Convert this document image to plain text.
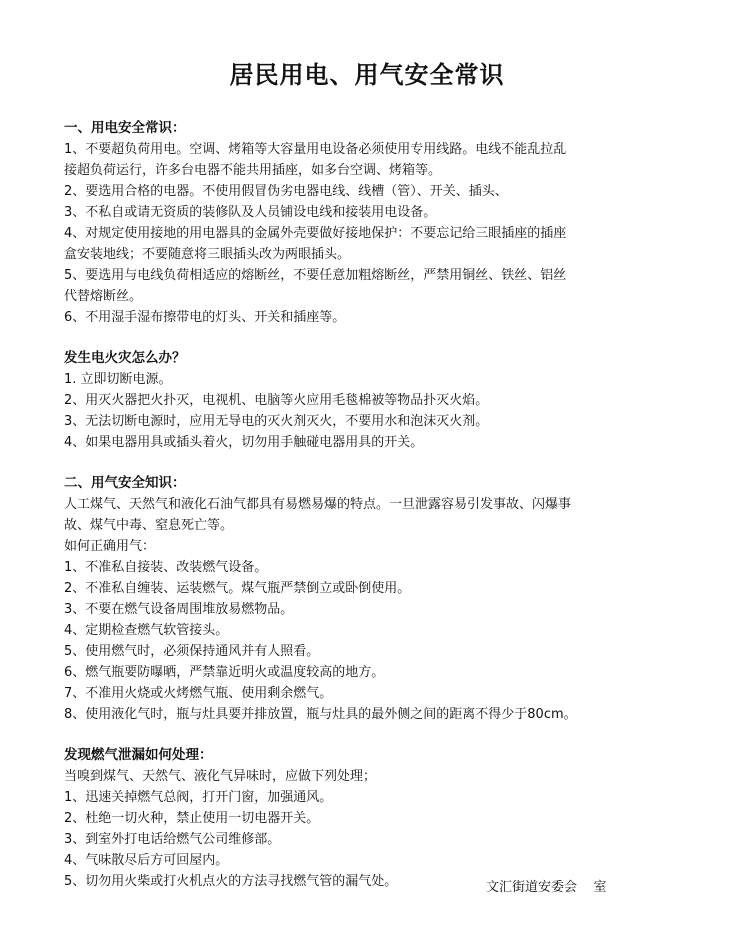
居民用电、用气安全常识
一、用电安全常识：
1、不要超负荷用电。空调、烤箱等大容量用电设备必须使用专用线路。电线不能乱拉乱
接超负荷运行，许多台电器不能共用插座，如多台空调、烤箱等。
2、要选用合格的电器。不使用假冒伪劣电器电线、线槽（管）、开关、插头、
3、不私自或请无资质的装修队及人员铺设电线和接装用电设备。
4、对规定使用接地的用电器具的金属外壳要做好接地保护：不要忘记给三眼插座的插座
盒安装地线；不要随意将三眼插头改为两眼插头。
5、要选用与电线负荷相适应的熔断丝，不要任意加粗熔断丝，严禁用铜丝、铁丝、铝丝
代替熔断丝。
6、不用湿手湿布擦带电的灯头、开关和插座等。
发生电火灾怎么办？
1. 立即切断电源。
2、用灭火器把火扑灭，电视机、电脑等火应用毛毯棉被等物品扑灭火焰。
3、无法切断电源时，应用无导电的灭火剂灭火，不要用水和泡沫灭火剂。
4、如果电器用具或插头着火，切勿用手触碰电器用具的开关。
二、用气安全知识：
人工煤气、天然气和液化石油气都具有易燃易爆的特点。一旦泄露容易引发事故、闪爆事
故、煤气中毒、窒息死亡等。
如何正确用气：
1、不准私自接装、改装燃气设备。
2、不准私自缠装、运装燃气。煤气瓶严禁倒立或卧倒使用。
3、不要在燃气设备周围堆放易燃物品。
4、定期检查燃气软管接头。
5、使用燃气时，必须保持通风并有人照看。
6、燃气瓶要防曝晒，严禁靠近明火或温度较高的地方。
7、不准用火烧或火烤燃气瓶、使用剩余燃气。
8、使用液化气时，瓶与灶具要并排放置，瓶与灶具的最外侧之间的距离不得少于80cm。
发现燃气泄漏如何处理：
当嗅到煤气、天然气、液化气异味时，应做下列处理；
1、迅速关掉燃气总阀，打开门窗，加强通风。
2、杜绝一切火种，禁止使用一切电器开关。
3、到室外打电话给燃气公司维修部。
4、气味散尽后方可回屋内。
5、切勿用火柴或打火机点火的方法寻找燃气管的漏气处。	文汇街道安委会    室
